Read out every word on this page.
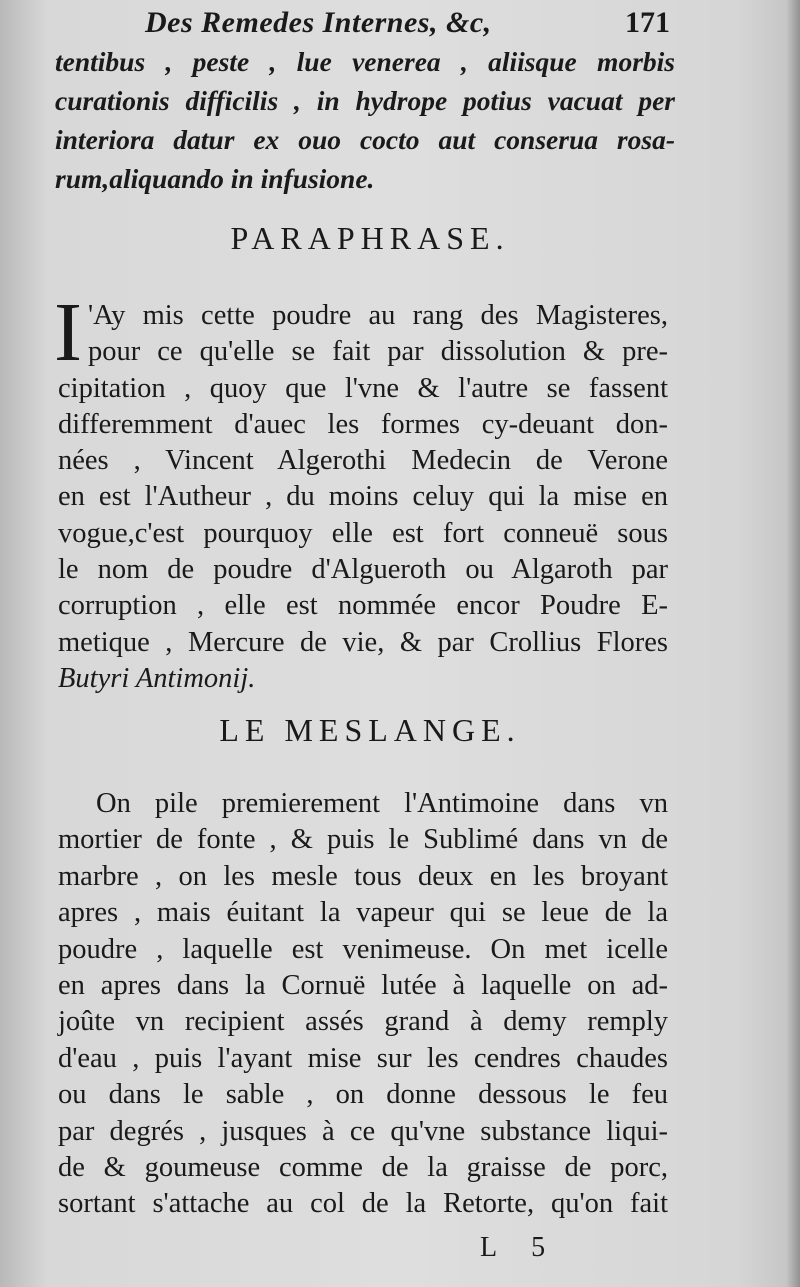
Des Remedes Internes, &c,	171
tentibus , peste , lue venerea , aliisque morbis
curationis difficilis , in hydrope potius vacuat per
interiora datur ex ouo cocto aut conserua rosa-
rum,aliquando in infusione.
PARAPHRASE.
I 'Ay mis cette poudre au rang des Magisteres,
pour ce qu'elle se fait par dissolution & pre-
cipitation , quoy que l'vne & l'autre se fassent
differemment d'auec les formes cy-deuant don-
nées , Vincent Algerothi Medecin de Verone
en est l'Autheur , du moins celuy qui la mise en
vogue,c'est pourquoy elle est fort conneuë sous
le nom de poudre d'Algueroth ou Algaroth par
corruption , elle est nommée encor Poudre E-
metique , Mercure de vie, & par Crollius Flores
Butyri Antimonij.
LE MESLANGE.
On pile premierement l'Antimoine dans vn
mortier de fonte , & puis le Sublimé dans vn de
marbre , on les mesle tous deux en les broyant
apres , mais éuitant la vapeur qui se leue de la
poudre , laquelle est venimeuse. On met icelle
en apres dans la Cornuë lutée à laquelle on ad-
joûte vn recipient assés grand à demy remply
d'eau , puis l'ayant mise sur les cendres chaudes
ou dans le sable , on donne dessous le feu
par degrés , jusques à ce qu'vne substance liqui-
de & goumeuse comme de la graisse de porc,
sortant s'attache au col de la Retorte, qu'on fait
L 5
